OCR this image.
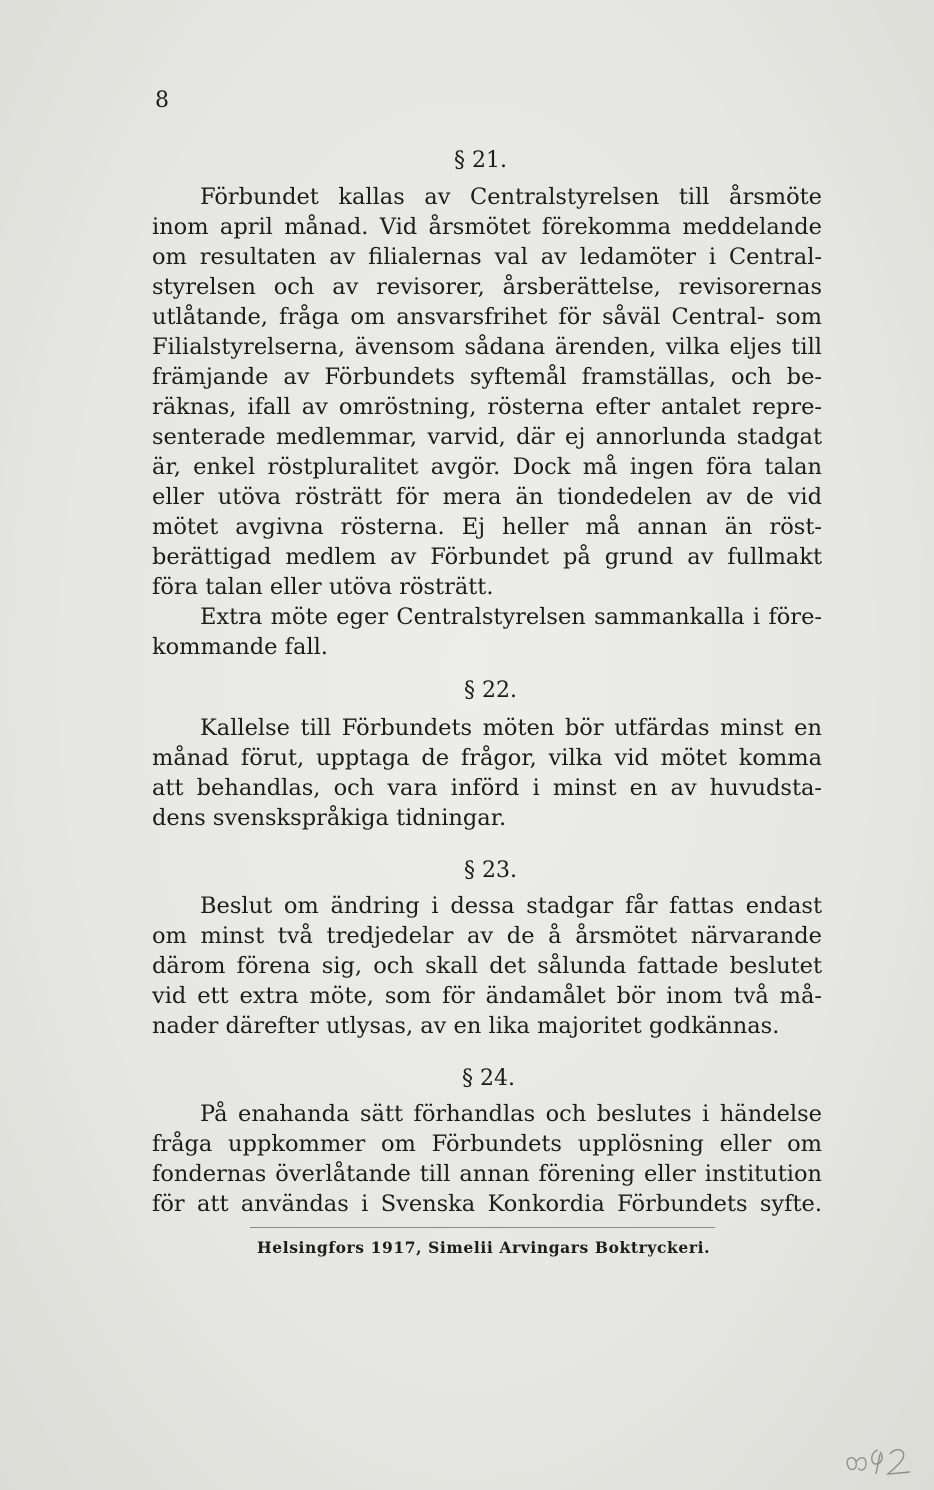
8
§ 21.
Förbundet kallas av Centralstyrelsen till årsmöte
inom april månad. Vid årsmötet förekomma meddelande
om resultaten av filialernas val av ledamöter i Central-
styrelsen och av revisorer, årsberättelse, revisorernas
utlåtande, fråga om ansvarsfrihet för såväl Central- som
Filialstyrelserna, ävensom sådana ärenden, vilka eljes till
främjande av Förbundets syftemål framställas, och be-
räknas, ifall av omröstning, rösterna efter antalet repre-
senterade medlemmar, varvid, där ej annorlunda stadgat
är, enkel röstpluralitet avgör. Dock må ingen föra talan
eller utöva rösträtt för mera än tiondedelen av de vid
mötet avgivna rösterna. Ej heller må annan än röst-
berättigad medlem av Förbundet på grund av fullmakt
föra talan eller utöva rösträtt.
Extra möte eger Centralstyrelsen sammankalla i före-
kommande fall.
§ 22.
Kallelse till Förbundets möten bör utfärdas minst en
månad förut, upptaga de frågor, vilka vid mötet komma
att behandlas, och vara införd i minst en av huvudsta-
dens svenskspråkiga tidningar.
§ 23.
Beslut om ändring i dessa stadgar får fattas endast
om minst två tredjedelar av de å årsmötet närvarande
därom förena sig, och skall det sålunda fattade beslutet
vid ett extra möte, som för ändamålet bör inom två må-
nader därefter utlysas, av en lika majoritet godkännas.
§ 24.
På enahanda sätt förhandlas och beslutes i händelse
fråga uppkommer om Förbundets upplösning eller om
fondernas överlåtande till annan förening eller institution
för att användas i Svenska Konkordia Förbundets syfte.
Helsingfors 1917, Simelii Arvingars Boktryckeri.
